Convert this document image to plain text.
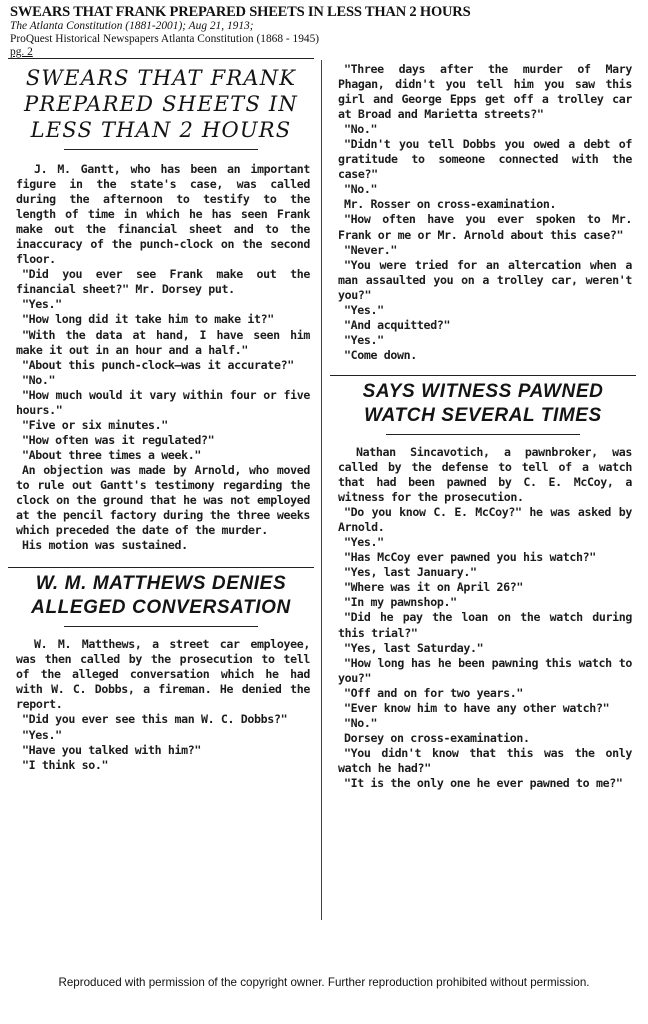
SWEARS THAT FRANK PREPARED SHEETS IN LESS THAN 2 HOURS
The Atlanta Constitution (1881-2001); Aug 21, 1913;
ProQuest Historical Newspapers Atlanta Constitution (1868 - 1945)
pg. 2
SWEARS THAT FRANK
PREPARED SHEETS IN
LESS THAN 2 HOURS

J. M. Gantt, who has been an important figure in the state's case, was called during the afternoon to testify to the length of time in which he has seen Frank make out the financial sheet and to the inaccuracy of the punch-clock on the second floor.

"Did you ever see Frank make out the financial sheet?" Mr. Dorsey put.

"Yes."

"How long did it take him to make it?"

"With the data at hand, I have seen him make it out in an hour and a half."

"About this punch-clock—was it accurate?"

"No."

"How much would it vary within four or five hours."

"Five or six minutes."

"How often was it regulated?"

"About three times a week."

An objection was made by Arnold, who moved to rule out Gantt's testimony regarding the clock on the ground that he was not employed at the pencil factory during the three weeks which preceded the date of the murder.

His motion was sustained.

W. M. MATTHEWS DENIES
ALLEGED CONVERSATION

W. M. Matthews, a street car employee, was then called by the prosecution to tell of the alleged conversation which he had with W. C. Dobbs, a fireman. He denied the report.

"Did you ever see this man W. C. Dobbs?"

"Yes."

"Have you talked with him?"

"I think so."

"Three days after the murder of Mary Phagan, didn't you tell him you saw this girl and George Epps get off a trolley car at Broad and Marietta streets?"

"No."

"Didn't you tell Dobbs you owed a debt of gratitude to someone connected with the case?"

"No."

Mr. Rosser on cross-examination.

"How often have you ever spoken to Mr. Frank or me or Mr. Arnold about this case?"

"Never."

"You were tried for an altercation when a man assaulted you on a trolley car, weren't you?"

"Yes."

"And acquitted?"

"Yes."

"Come down.

SAYS WITNESS PAWNED
WATCH SEVERAL TIMES

Nathan Sincavotich, a pawnbroker, was called by the defense to tell of a watch that had been pawned by C. E. McCoy, a witness for the prosecution.

"Do you know C. E. McCoy?" he was asked by Arnold.

"Yes."

"Has McCoy ever pawned you his watch?"

"Yes, last January."

"Where was it on April 26?"

"In my pawnshop."

"Did he pay the loan on the watch during this trial?"

"Yes, last Saturday."

"How long has he been pawning this watch to you?"

"Off and on for two years."

"Ever know him to have any other watch?"

"No."

Dorsey on cross-examination.

"You didn't know that this was the only watch he had?"

"It is the only one he ever pawned to me?"

Reproduced with permission of the copyright owner. Further reproduction prohibited without permission.
